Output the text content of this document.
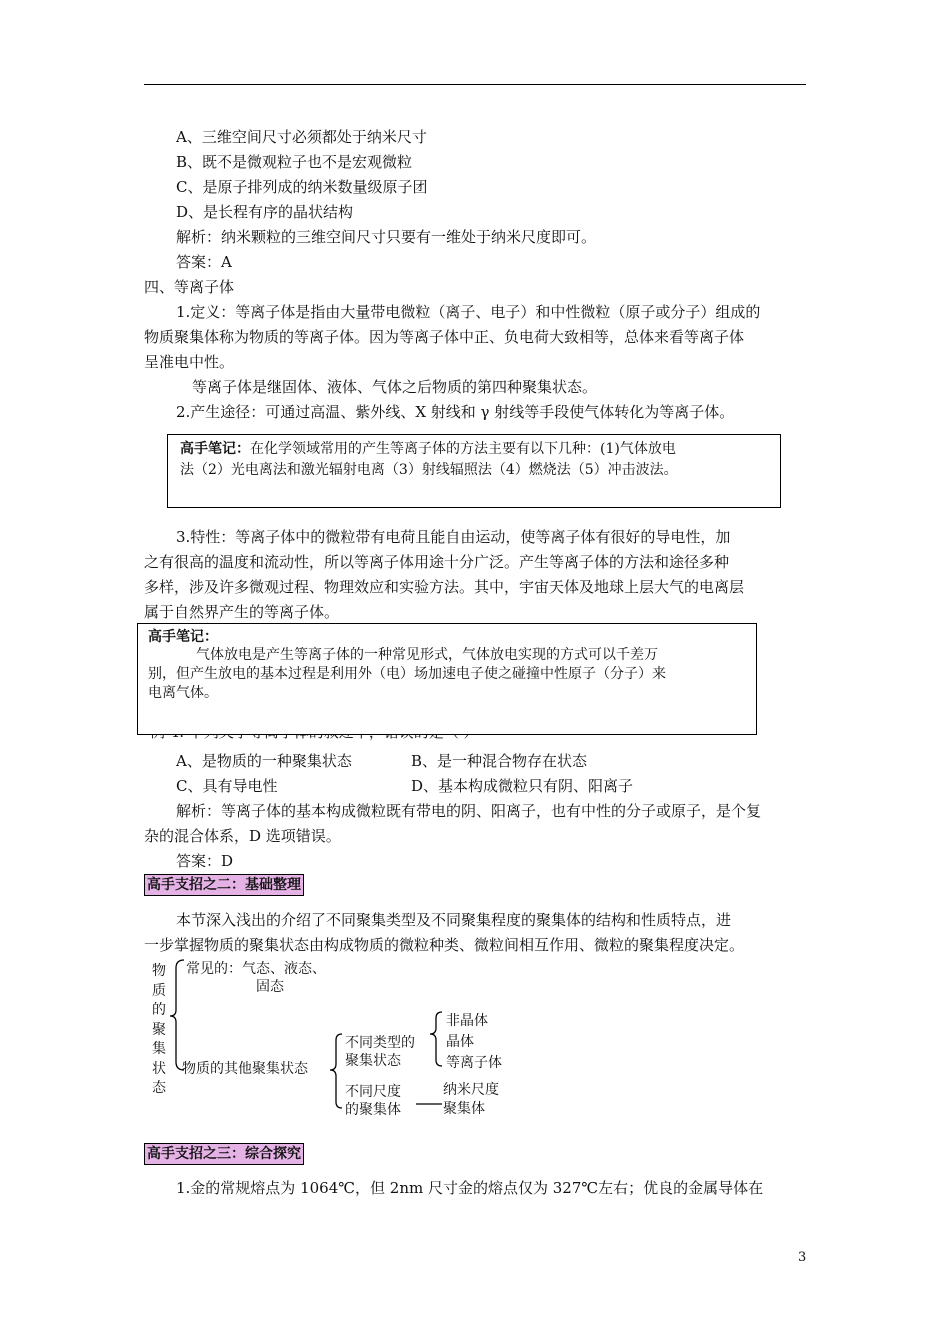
A、三维空间尺寸必须都处于纳米尺寸
B、既不是微观粒子也不是宏观微粒
C、是原子排列成的纳米数量级原子团
D、是长程有序的晶状结构
解析：纳米颗粒的三维空间尺寸只要有一维处于纳米尺度即可。
答案：A
四、等离子体
1.定义：等离子体是指由大量带电微粒（离子、电子）和中性微粒（原子或分子）组成的
物质聚集体称为物质的等离子体。因为等离子体中正、负电荷大致相等，总体来看等离子体
呈准电中性。
等离子体是继固体、液体、气体之后物质的第四种聚集状态。
2.产生途径：可通过高温、紫外线、X 射线和 γ 射线等手段使气体转化为等离子体。
高手笔记：在化学领域常用的产生等离子体的方法主要有以下几种：(1)气体放电
法（2）光电离法和激光辐射电离（3）射线辐照法（4）燃烧法（5）冲击波法。
3.特性：等离子体中的微粒带有电荷且能自由运动，使等离子体有很好的导电性，加
之有很高的温度和流动性，所以等离子体用途十分广泛。产生等离子体的方法和途径多种
多样，涉及许多微观过程、物理效应和实验方法。其中，宇宙天体及地球上层大气的电离层
属于自然界产生的等离子体。
高手笔记：
气体放电是产生等离子体的一种常见形式，气体放电实现的方式可以千差万
别，但产生放电的基本过程是利用外（电）场加速电子使之碰撞中性原子（分子）来
电离气体。
A、是物质的一种聚集状态	B、是一种混合物存在状态
C、具有导电性	D、基本构成微粒只有阴、阳离子
解析：等离子体的基本构成微粒既有带电的阴、阳离子，也有中性的分子或原子，是个复
杂的混合体系，D 选项错误。
答案：D
高手支招之二：基础整理
本节深入浅出的介绍了不同聚集类型及不同聚集程度的聚集体的结构和性质特点，进
一步掌握物质的聚集状态由构成物质的微粒种类、微粒间相互作用、微粒的聚集程度决定。
物
质
的
聚
集
状
态
常见的：气态、液态、
固态
物质的其他聚集状态
不同类型的
聚集状态
非晶体
晶体
等离子体
不同尺度
的聚集体
纳米尺度
聚集体
高手支招之三：综合探究
1.金的常规熔点为 1064℃，但 2nm 尺寸金的熔点仅为 327℃左右；优良的金属导体在
3
